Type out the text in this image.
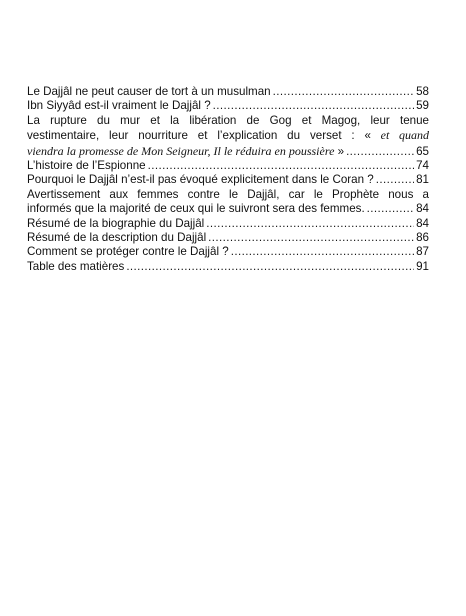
Le Dajjâl ne peut causer de tort à un musulman .....	58
Ibn Siyyâd est-il vraiment le Dajjâl ? .....	59
La rupture du mur et la libération de Gog et Magog, leur tenue
vestimentaire, leur nourriture et l’explication du verset : « et quand
viendra la promesse de Mon Seigneur, Il le réduira en poussière » .....	65
L’histoire de l’Espionne .....	74
Pourquoi le Dajjâl n’est-il pas évoqué explicitement dans le Coran ? .....	81
Avertissement aux femmes contre le Dajjâl, car le Prophète nous a
informés que la majorité de ceux qui le suivront sera des femmes. .....	84
Résumé de la biographie du Dajjâl .....	84
Résumé de la description du Dajjâl .....	86
Comment se protéger contre le Dajjâl ? .....	87
Table des matières .....	91
